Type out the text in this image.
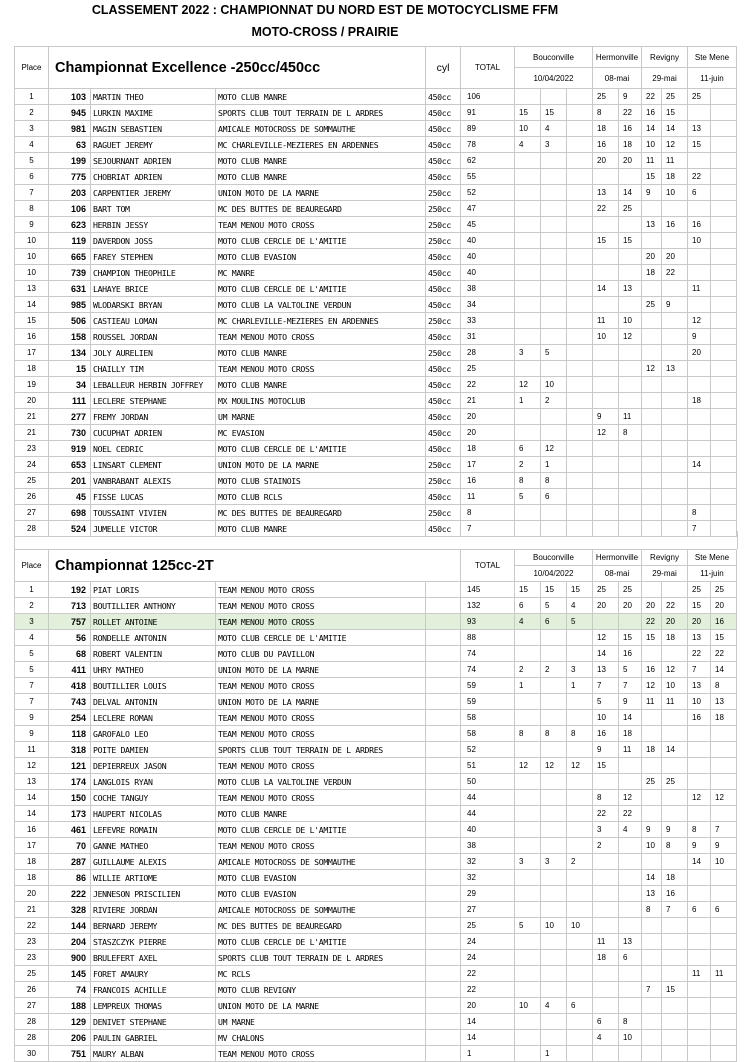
CLASSEMENT 2022 : CHAMPIONNAT DU NORD EST DE MOTOCYCLISME FFM
MOTO-CROSS / PRAIRIE
Place	Championnat Excellence -250cc/450cc			cyl	TOTAL	Bouconville			Hermonville		Revigny		Ste Mene	
						10/04/2022			08-mai		29-mai		11-juin	
1	103	MARTIN THEO	MOTO CLUB MANRE	450cc	106				25	9	22	25	25	
2	945	LURKIN MAXIME	SPORTS CLUB TOUT TERRAIN DE L ARDRES	450cc	91	15	15		8	22	16	15		
3	981	MAGIN SEBASTIEN	AMICALE MOTOCROSS DE SOMMAUTHE	450cc	89	10	4		18	16	14	14	13	
4	63	RAGUET JEREMY	MC CHARLEVILLE-MEZIERES EN ARDENNES	450cc	78	4	3		16	18	10	12	15	
5	199	SEJOURNANT ADRIEN	MOTO CLUB MANRE	450cc	62				20	20	11	11		
6	775	CHOBRIAT ADRIEN	MOTO CLUB MANRE	450cc	55						15	18	22	
7	203	CARPENTIER JEREMY	UNION MOTO DE LA MARNE	250cc	52				13	14	9	10	6	
8	106	BART TOM	MC DES BUTTES DE BEAUREGARD	250cc	47				22	25				
9	623	HERBIN JESSY	TEAM MENOU MOTO CROSS	250cc	45						13	16	16	
10	119	DAVERDON JOSS	MOTO CLUB CERCLE DE L'AMITIE	250cc	40				15	15			10	
10	665	FAREY STEPHEN	MOTO CLUB EVASION	450cc	40						20	20		
10	739	CHAMPION THEOPHILE	MC MANRE	450cc	40						18	22		
13	631	LAHAYE BRICE	MOTO CLUB CERCLE DE L'AMITIE	450cc	38				14	13			11	
14	985	WLODARSKI BRYAN	MOTO CLUB LA VALTOLINE VERDUN	450cc	34						25	9		
15	506	CASTIEAU LOMAN	MC CHARLEVILLE-MEZIERES EN ARDENNES	250cc	33				11	10			12	
16	158	ROUSSEL JORDAN	TEAM MENOU MOTO CROSS	450cc	31				10	12			9	
17	134	JOLY AURELIEN	MOTO CLUB MANRE	250cc	28	3	5						20	
18	15	CHAILLY TIM	TEAM MENOU MOTO CROSS	450cc	25						12	13		
19	34	LEBALLEUR HERBIN JOFFREY	MOTO CLUB MANRE	450cc	22	12	10							
20	111	LECLERE STEPHANE	MX MOULINS MOTOCLUB	450cc	21	1	2						18	
21	277	FREMY JORDAN	UM MARNE	450cc	20				9	11				
21	730	CUCUPHAT ADRIEN	MC EVASION	450cc	20				12	8				
23	919	NOEL CEDRIC	MOTO CLUB CERCLE DE L'AMITIE	450cc	18	6	12							
24	653	LINSART CLEMENT	UNION MOTO DE LA MARNE	250cc	17	2	1						14	
25	201	VANBRABANT ALEXIS	MOTO CLUB STAINOIS	250cc	16	8	8							
26	45	FISSE LUCAS	MOTO CLUB RCLS	450cc	11	5	6							
27	698	TOUSSAINT VIVIEN	MC DES BUTTES DE BEAUREGARD	250cc	8								8	
28	524	JUMELLE VICTOR	MOTO CLUB MANRE	450cc	7								7	
Place	Championnat 125cc-2T				TOTAL	Bouconville			Hermonville		Revigny		Ste Mene	
						10/04/2022			08-mai		29-mai		11-juin	
1	192	PIAT LORIS	TEAM MENOU MOTO CROSS		145	15	15	15	25	25			25	25
2	713	BOUTILLIER ANTHONY	TEAM MENOU MOTO CROSS		132	6	5	4	20	20	20	22	15	20
3	757	ROLLET ANTOINE	TEAM MENOU MOTO CROSS		93	4	6	5			22	20	20	16
4	56	RONDELLE ANTONIN	MOTO CLUB CERCLE DE L'AMITIE		88				12	15	15	18	13	15
5	68	ROBERT VALENTIN	MOTO CLUB DU PAVILLON		74				14	16			22	22
5	411	UHRY MATHEO	UNION MOTO DE LA MARNE		74	2	2	3	13	5	16	12	7	14
7	418	BOUTILLIER LOUIS	TEAM MENOU MOTO CROSS		59	1		1	7	7	12	10	13	8
7	743	DELVAL ANTONIN	UNION MOTO DE LA MARNE		59				5	9	11	11	10	13
9	254	LECLERE ROMAN	TEAM MENOU MOTO CROSS		58				10	14			16	18
9	118	GAROFALO LEO	TEAM MENOU MOTO CROSS		58	8	8	8	16	18				
11	318	POITE DAMIEN	SPORTS CLUB TOUT TERRAIN DE L ARDRES		52				9	11	18	14		
12	121	DEPIERREUX JASON	TEAM MENOU MOTO CROSS		51	12	12	12	15					
13	174	LANGLOIS RYAN	MOTO CLUB LA VALTOLINE VERDUN		50						25	25		
14	150	COCHE TANGUY	TEAM MENOU MOTO CROSS		44				8	12			12	12
14	173	HAUPERT NICOLAS	MOTO CLUB MANRE		44				22	22				
16	461	LEFEVRE ROMAIN	MOTO CLUB CERCLE DE L'AMITIE		40				3	4	9	9	8	7
17	70	GANNE MATHEO	TEAM MENOU MOTO CROSS		38				2		10	8	9	9
18	287	GUILLAUME ALEXIS	AMICALE MOTOCROSS DE SOMMAUTHE		32	3	3	2					14	10
18	86	WILLIE ARTIOME	MOTO CLUB EVASION		32						14	18		
20	222	JENNESON PRISCILIEN	MOTO CLUB EVASION		29						13	16		
21	328	RIVIERE JORDAN	AMICALE MOTOCROSS DE SOMMAUTHE		27						8	7	6	6
22	144	BERNARD JEREMY	MC DES BUTTES DE BEAUREGARD		25	5	10	10						
23	204	STASZCZYK PIERRE	MOTO CLUB CERCLE DE L'AMITIE		24				11	13				
23	900	BRULEFERT AXEL	SPORTS CLUB TOUT TERRAIN DE L ARDRES		24				18	6				
25	145	FORET AMAURY	MC RCLS		22								11	11
26	74	FRANCOIS ACHILLE	MOTO CLUB REVIGNY		22						7	15		
27	188	LEMPREUX THOMAS	UNION MOTO DE LA MARNE		20	10	4	6						
28	129	DENIVET STEPHANE	UM MARNE		14				6	8				
28	206	PAULIN GABRIEL	MV CHALONS		14				4	10				
30	751	MAURY ALBAN	TEAM MENOU MOTO CROSS		1		1							
